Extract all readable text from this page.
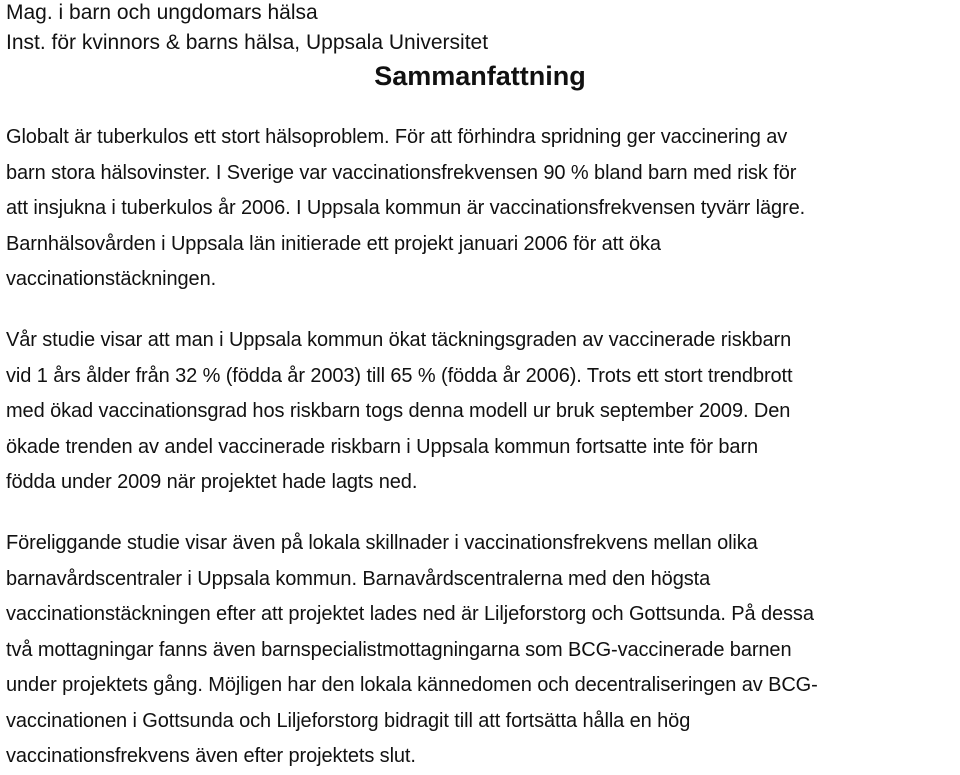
Mag. i barn och ungdomars hälsa
Inst. för kvinnors & barns hälsa, Uppsala Universitet
Sammanfattning
Globalt är tuberkulos ett stort hälsoproblem. För att förhindra spridning ger vaccinering av
barn stora hälsovinster. I Sverige var vaccinationsfrekvensen 90 % bland barn med risk för
att insjukna i tuberkulos år 2006. I Uppsala kommun är vaccinationsfrekvensen tyvärr lägre.
Barnhälsovården i Uppsala län initierade ett projekt januari 2006 för att öka
vaccinationstäckningen.
Vår studie visar att man i Uppsala kommun ökat täckningsgraden av vaccinerade riskbarn
vid 1 års ålder från 32 % (födda år 2003) till 65 % (födda år 2006). Trots ett stort trendbrott
med ökad vaccinationsgrad hos riskbarn togs denna modell ur bruk september 2009. Den
ökade trenden av andel vaccinerade riskbarn i Uppsala kommun fortsatte inte för barn
födda under 2009 när projektet hade lagts ned.
Föreliggande studie visar även på lokala skillnader i vaccinationsfrekvens mellan olika
barnavårdscentraler i Uppsala kommun. Barnavårdscentralerna med den högsta
vaccinationstäckningen efter att projektet lades ned är Liljeforstorg och Gottsunda. På dessa
två mottagningar fanns även barnspecialistmottagningarna som BCG-vaccinerade barnen
under projektets gång. Möjligen har den lokala kännedomen och decentraliseringen av BCG-
vaccinationen i Gottsunda och Liljeforstorg bidragit till att fortsätta hålla en hög
vaccinationsfrekvens även efter projektets slut.
